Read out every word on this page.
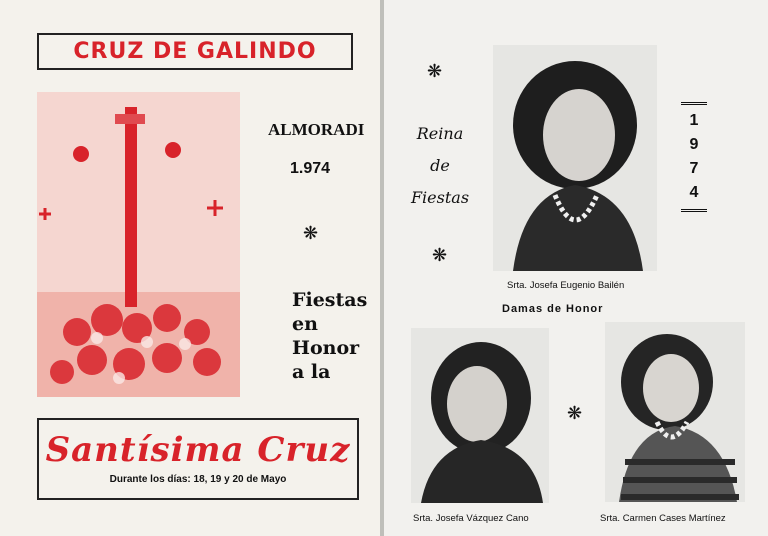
CRUZ DE GALINDO
ALMORADI
1.974
❋
Fiestas
en
Honor
a la
Santísima Cruz
Durante los días: 18, 19 y 20 de Mayo
❋
Reina
de
Fiestas
❋
1
9
7
4
Srta. Josefa Eugenio Bailén
Damas de Honor
❋
Srta. Josefa Vázquez Cano	Srta. Carmen Cases Martínez
